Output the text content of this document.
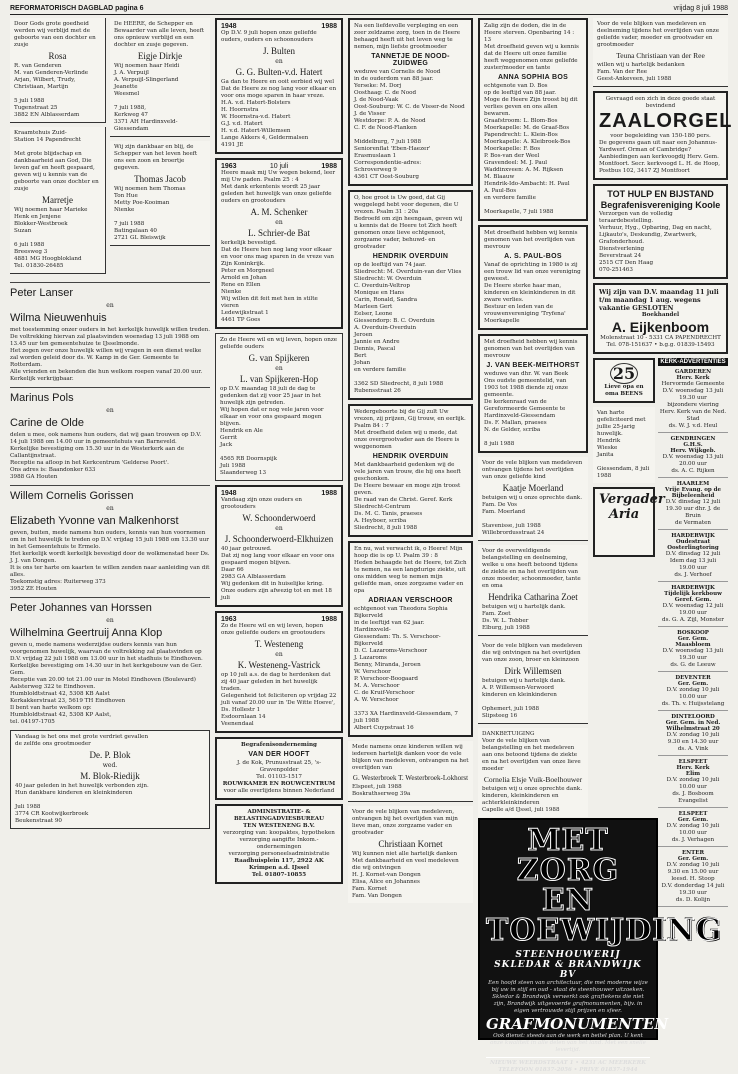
REFORMATORISCH DAGBLAD pagina 6	vrijdag 8 juli 1988
Door Gods grote goedheid werden wij verblijd met de geboorte van een dochter en zusje
Rosa
R. van Genderen
M. van Genderen-Verlinde
Arjan, Wilbert, Trudy, Christiaan, Martijn

5 juli 1988
Tugenstraat 25
3882 EN Alblasserdam
Kraamtehuis Zuid-
Station 14 Papendrecht

Met grote blijdschap en dankbaarheid aan God, Die leven gaf en heeft gespaard, geven wij u kennis van de geboorte van onze dochter en zusje
Marretje
Wij noemen haar Marieke
Henk en Jenjene
Blokker-Westbroek
Suzan

6 juli 1988
Breesweg 3
4881 MG Hoogblokland
Tel. 01830-26485
De HEERE, de Schepper en Bewaarder van alle leven, heeft ons opnieuw verblijd en een dochter en zusje gegeven.
Eigje Dirkje
Wij noemen haar Heidi
J. A. Verpuijl
A. Verpuijl-Slingerland
Jeanette
Weesmel

7 juli 1988,
Kerkweg 47
3371 AH Hardinxveld-Giessendam
Wij zijn dankbaar en blij, de Schepper van het leven heeft ons een zoon en broertje gegeven.
Thomas Jacob
Wij noemen hem Thomas
Ton Hue
Metty Poe-Kooiman
Nienke

7 juli 1988
Batingalaan 40
2721 GL Bleiswijk
Peter Lanser
en
Wilma Nieuwenhuis
met toestemming onzer ouders in het kerkelijk huwelijk willen treden.
De voltrekking hiervan zal plaatsvinden woensdag 13 juli 1988 om 13.45 uur ten gemeentehuize te IJsselmonde.
Het zegen over onze huwelijk willen wij vragen in een dienst welke zal worden geleid door ds. W. Kamp in de Ger. Gemeente te Rotterdam.
Alle vrienden en bekenden die hun welkom roepen vanaf 20.00 uur.
Kerkelijk verkrijgbaar.
Marinus Pols
en
Carine de Olde
delen u mee, ook namens hun ouders, dat wij gaan trouwen op D.V. 14 juli 1988 om 14.00 uur in gemeentehuis van Barneveld.
Kerkelijke bevestiging om 15.30 uur in de Westerkerk aan de Callantijnstraat.
Receptie na afloop in het Kerkcentrum 'Gelderse Poort'.
Ons adres is: Baandonker 633
3988 GA Houten
Willem Cornelis Gorissen
en
Elizabeth Yvonne van Malkenhorst
geven, buiten, mede namens hun ouders, kennis van hun voornemen om in het huwelijk te treden op D.V. vrijdag 15 juli 1988 om 13.30 uur in het Gemeentehuis te Ermelo.
Het kerkelijk wordt kerkelijk bevestigd door de wolkmenstad heer Ds. J. J. van Dongen.
It is ons ter harte om kaarten te willen zenden naar aanleiding van dit alles.
Toekomstig adres: Ruiterweg 373
3952 ZE Houten
Peter Johannes van Horssen
en
Wilhelmina Geertruij Anna Klop
geven u, mede namens wederzijdse ouders kennis van hun voorgenomen huwelijk, waarvan de voltrekking zal plaatsvinden op D.V. vrijdag 22 juli 1988 om 13.00 uur in het stadhuis te Eindhoven.
Kerkelijke bevestiging om 14.30 uur in het kerkgebouw van de Ger. Gem.
Receptie van 20.00 tot 21.00 uur in Motel Eindhoven (Boulevard) Aalsterweg 322 te Eindhoven.
Humbloldtstraat 42, 5308 KB Aalst
Kerkakkerstraat 23, 5619 TH Eindhoven
Il bent van harte welkom op:
Humbloldtstraat 42, 5308 KP Aalst,
tel. 04197-1705
Vandaag is het ons met grote verdriet gevallen
de zelfde ons grootmoeder
De. P. Blok
wed.
M. Blok-Riedijk
40 jaar geleden in het huwelijk verbonden zijn.
Hun dankbare kinderen en kleinkinderen

Juli 1988
3774 CR Kootwijkerbroek
Beukenstraat 90
1948	1988
Op D.V. 9 juli hopen onze geliefde ouders, ouders en schoonouders
J. Bulten
en
G. G. Bulten-v.d. Hatert
Ga dan te Heere en ooit eerbied wij wel
Dat de Heere ze nog lang voor elkaar en voor ons moge sparen in haar vreze.
H.A. v.d. Hatert-Bolsters
H. Hoornstra
W. Hoornstra-v.d. Hatert
G.J. v.d. Hatert
H. v.d. Hatert-Willemsen
Lange Akkers 4, Geldermalsen
4191 JE
1963	10 juli	1988
Heere maak mij Uw wegen bekend, leer mij Uw paden. Psalm 25 : 4
Met dank erkentenis wordt 25 jaar geleden het huwelijk van onze geliefde ouders en grootouders
A. M. Schenker
en
L. Schrier-de Bat
kerkelijk bevestigd.
Dat de Heere hen nog lang voor elkaar en voor ons mag sparen in de vreze van Zijn Koninkrijk.
Peter en Morgneel
Arnold en Johan
Rene en Ellen
Nienke
Wij willen dit feit met hen in stilte vieren
Ledewijkstraat 1
4461 TP Goes
Zo de Heere wil en wij leven, hopen onze geliefde ouders
G. van Spijkeren
en
L. van Spijkeren-Hop
op D.V. maandag 18 juli de dag te gedenken dat zij voor 25 jaar in het huwelijk zijn getreden.
Wij hopen dat er nog vele jaren voor elkaar en voor ons gespaard mogen blijven.
Hendrik en Ale
Gerrit
Jack

4565 RB Doornspijk
Juli 1988
Slaanderweg 13
1948	1988
Vandaag zijn onze ouders en grootouders
W. Schoonderwoerd
en
J. Schoonderwoerd-Elkhuizen
40 jaar getrouwd.
Dat zij nog lang voor elkaar en voor ons gespaard mogen blijven.
Daar 66
2983 GA Alblasserdam
Wij gedenken dit in huiselijke kring.
Onze ouders zijn afwezig tot en met 18 juli
1963	1988
Zo de Heere wil en wij leven, hopen onze geliefde ouders en grootouders
T. Westeneng
en
K. Westeneng-Vastrick
op 10 juli a.s. de dag te herdenken dat zij 40 jaar geleden in het huwelijk traden.
Gelegenheid tot feliciteren op vrijdag 22 juli vanaf 20.00 uur in 'De Witte Hoeve', Ds. Hollestr 1
Esdoornlaan 14
Veenendaal
Begrafenisonderneming
VAN DER HOOFT
J. de Kok, Prunusstraat 25, 's-Gravenpolder
Tel. 01103-1517
ROUWKAMER EN ROUWCENTRUM
voor alle overlijdens binnen Nederland
ADMINISTRATIE- & BELASTINGADVIESBUREAU
TEN WESTENENG B.V.
verzorging van: koopaktes, hypotheken
verzorging aangifte Inkom.- ondernemingen
verzorging personeelsadministratie
Raadhuisplein 117, 2922 AK Krimpen a.d. IJssel
Tel. 01807-10855
Na een liefdevolle verpleging en een zeer zeldzame zorg, toen in de Heere behaagd heeft uit het leven weg te nemen, mijn liefste grootmoeder
TANNETJE DE NOOD-ZUIDWEG
weduwe van Cornelis de Nood
in de ouderdom van 88 jaar.
Yerseke: M. Dorj
Oosthaag: C. de Nood
J. de Nood-Vaak
Oost-Souburg: W. C. de Visser-de Nood
J. de Visser
Westdorpe: P. A. de Nood
C. F. de Nood-Flanken

Middelburg, 7 juli 1988
Seniorenflat 'Eben-Haezer'
Erasmuslaan 1
Correspondentie-adres:
Schroverweg 9
4361 CT Oost-Souburg
O, hoe groot is Uw goed, dat Gij weggelegd hebt voor degenen, die U vrezen. Psalm 31 : 20a
Bedroefd om zijn heengaan, geven wij u kennis dat de Heere tot Zich heeft genomen onze lieve echtgenoot, zorgzame vader, behuwd- en grootvader
HENDRIK OVERDUIN
op de leeftijd van 74 jaar.
Sliedrecht: M. Overduin-van der Vlies
Sliedrecht: W. Overduin
C. Overduin-Veltrop
Monique en Hans
Carin, Ronald, Sandra
Marleen Gert
Eelser, Leone
Giessendorp: B. C. Overduin
A. Overduin-Overduin
Jeroen
Jannie en Andre
Dennis, Pascal
Bert
Johan
en verdere familie

3362 SD Sliedrecht, 8 juli 1988
Rubensstraat 26
Wedergeboorte bij de Gij zult Uw vrezen, zij prijzen, Gij trouw, en eerlijk. Psalm 84 : 7
Met droefheid delen wij u mede, dat onze overgrootvader aan de Heere is weggenomen
HENDRIK OVERDUIN
Met dankbaarheid gedenken wij de vele jaren van trouw, die hij ons heeft geschonken.
De Heere bewaar en moge zijn troost geven.
De raad van de Christ. Geref. Kerk Sliedrecht-Centrum
Ds. M. C. Tanis, praeses
A. Heyboer, scriba
Sliedrecht, 8 juli 1988
En nu, wat verwacht ik, o Heere! Mijn hoop die is op U. Psalm 39 : 8
Heden behaagde het de Heere, tot Zich te nemen, na een langdurige ziekte, uit ons midden weg te nemen mijn geliefde man, onze zorgzame vader en opa
ADRIAAN VERSCHOOR
echtgenoot van Theodora Sophia Bijkerveld
in de leeftijd van 62 jaar.
Hardinxveld-
Giessendam: Th. S. Verschoor-Bijkerveld
D. C. Lazaroms-Verschoor
J. Lazaroms
Benny, Miranda, Jeroen
W. Verschoor
P. Verschoor-Boogaard
M. A. Verschoor
C. de Kruif-Verschoor
A. W. Verschoor

3373 XA Hardinxveld-Giessendam, 7 juli 1988
Albert Cuypstraat 16
Mede namens onze kinderen willen wij iedereen hartelijk danken voor de vele blijken van medeleven, ontvangen na het overlijden van
G. Westerbroek T. Westerbroek-Lokhorst
Elspeet, juli 1988
Boskrathserweg 39a
Voor de vele blijken van medeleven, ontvangen bij het overlijden van mijn lieve man, onze zorgzame vader en grootvader
Christiaan Kornet
Wij kunnen niet alle hartelijk danken
Met dankbaarheid en veel medeleven die wij ontvingen
H. J. Kornet-van Dongen
Elisa, Alice en Johannes
Fam. Kornet
Fam. Van Dongen
Zalig zijn de doden, die in de Heere sterven. Openbaring 14 : 13
Met droefheid geven wij u kennis dat de Heere uit onze familie heeft weggenomen onze geliefde zuster/moeder en tante
ANNA SOPHIA BOS
echtgenote van D. Bos
op de leeftijd van 88 jaar.
Moge de Heere Zijn troost bij dit verlies geven en ons allen bewaren.
Graafstroom: L. Blom-Bos
Moerkapelle: M. de Graaf-Bos
Papendrecht: L. Klein-Bos
Moerkapelle: A. Kleibroek-Bos
Moerkapelle: F. Bos
P. Bos-van der Weel
Gravendeel: M. J. Paul
Waddinxveen: A. M. Rijksen
M. Blaauw
Hendrik-Ido-Ambacht: H. Paul
A. Paul-Bos
en verdere familie

Moerkapelle, 7 juli 1988
Met droefheid hebben wij kennis genomen van het overlijden van mevrouw
A. S. PAUL-BOS
Vanaf de oprichting in 1980 is zij een trouw lid van onze vereniging geweest.
De Heere sterke haar man, kinderen en kleinkinderen in dit zware verlies.
Bestuur en leden van de vrouwenvereniging 'Tryfena' Moerkapelle
Met droefheid hebben wij kennis genomen van het overlijden van mevrouw
J. VAN BEEK-MEITHORST
weduwe van dhr. W. van Beek
Ons oudste gemeentelid, van 1903 tot 1988 diende zij onze gemeente.
De kerkenraad van de
Gereformeerde Gemeente te
Hardinxveld-Giessendam
Ds. F. Mallan, praeses
N. de Gelder, scriba

8 juli 1988
Voor de vele blijken van medeleven ontvangen tijdens het overlijden van onze geliefde kind
Kaatje Moerland
betuigen wij u onze oprechte dank.
Fam. De Vos
Fam. Moerland

Stavenisse, juli 1988
Willebrordusstraat 24
Voor de overweldigende belangstelling en deelneming, welke u ons heeft betoond tijdens de ziekte en na het overlijden van onze moeder, schoonmoeder, tante en oma
Hendrika Catharina Zoet
betuigen wij u hartelijk dank.
Fam. Zoet
Ds. W. L. Tobber
Elburg, juli 1988
Voor de vele blijken van medeleven die wij ontvingen na het overlijden van onze zoon, broer en kleinzoon
Dirk Willemsen
betuigen wij u hartelijk dank.
A. P. Willemsen-Verwoord
kinderen en kleinkinderen

Ophemert, juli 1988
Slipsteeg 16
DANKBETUIGING
Voor de vele blijken van belangstelling en het medeleven aan ons betoond tijdens de ziekte en na het overlijden van onze lieve moeder
Cornelia Elsje Vuik-Boelhouwer
betuigen wij u onze oprechte dank.
kinderen, kleinkinderen en achterkleinkinderen
Capelle a/d IJssel, juli 1988
MET
ZORG EN
TOEWIJDING
STEENHOUWERIJ
SKLEDAR & BRANDWIJK BV
Een hoofd steen van architectuur, die met moderne wijze bij uw in stijl en oud - staat de steenhouwer uitzoeken.
Skledar & Brandwijk verwerkt ook graftekens die niet zijn, Brandwijk uitgevoerde grafmonumenten, bijv. in eigen vertrouwde stijl prijzen en sfeer.
GRAFMONUMENTEN
Ook dienst: steeds aan de werk en beitel plan. U kent onze kwaliteit in alle delen van het land. Met een snelle levertijd.
NIEUWE WEERDSTRAAT 1 • 4231 AC MEERKERK
TELEFOON 01837-2056 • PRIVE 01837-1944
Voor de vele blijken van medeleven en deelneming tijdens het overlijden van onze geliefde vader, moeder en grootvader en grootmoeder
Teuna Christiaan van der Ree
willen wij u hartelijk bedanken
Fam. Van der Ree
Geest-Ankeveen, juli 1988
Gevraagd een zich in deze goede staat bevindend
ZAALORGEL
voor begeleiding van 150-180 pers.
De gegevens gaan uit naar een Johannus-Yardwerf. Orman of Cambridge?
Aanbiedingen aan kerkvoogdij Herv. Gem. Montfoort. Secr. kerkvoogd L. H. de Hoop, Postbus 102, 3417 ZJ Montfoort
TOT HULP EN BIJSTAND
Begrafenisvereniging Koole
Verzorgen van de volledig teraardebestelling.
Verhuur, Hyg., Opbaring, Dag en nacht, Lijkauto's, Deskundig, Zwartwerk, Grafonderhoud.
Dienstverlening
Beverstraat 24
2515 CT Den Haag
070-251463
Wij zijn van D.V. maandag 11 juli t/m maandag 1 aug. wegens vakantie GESLOTEN
Boekhandel
A. Eijkenboom
Molenstraat 10 - 5331 CA PAPENDRECHT
Tel. 078-151637 • b.g.g. 01839-15493
25
Lieve opa en oma BEENS
Van harte gefeliciteerd met jullie 25-jarig huwelijk.
Hendrik
Wieske
Janita

Giessendam, 8 juli 1988
Vergader Aria
KERK-ADVERTENTIES
GARDEREN
Herv. Kerk
Hervormde Gemeente
D.V. woensdag 13 juli
19.30 uur
bijzondere viering
Herv. Kerk van de Ned. Stad
ds. W. J. v.d. Heul
GENDRINGEN
G.H.S.
Herv. Wijkgeb.
D.V. woensdag 13 juli
20.00 uur
ds. A. C. Rijken
HAARLEM
Vrije Evang. op de Bijbeleenheid
D.V. dinsdag 12 juli
19.30 uur dhr. J. de Bruin
de Vermaten
HARDERWIJK
Oudestraat
Oosterlingtoring
D.V. dinsdag 12 juli
Idem dag 13 juli
19.00 uur
ds. J. Verhoef
HARDERWIJK
Tijdelijk kerkbouw
Geref. Gem.
D.V. woensdag 12 juli
19.00 uur
ds. G. A. Zijl, Monster
BOSKOOP
Ger. Gem.
Maasbloem
D.V. woensdag 13 juli
19.30 uur
ds. G. de Leeuw
DEVENTER
Ger. Gem.
D.V. zondag 10 juli
10.00 uur
ds. Th. v. Huijsstelang
DINTELOORD
Ger. Gem. in Ned.
Wilhelmstraat 20
D.V. zondag 10 juli
9.30 en 14.30 uur
ds. A. Vink
ELSPEET
Herv. Kerk
Elim
D.V. zondag 10 juli
10.00 uur
ds. J. Bosboom
Evangelist
ELSPEET
Ger. Gem.
D.V. zondag 10 juli
10.00 uur
ds. J. Verhagen
ENTER
Ger. Gem.
D.V. zondag 10 juli
9.30 en 15.00 uur
leesd. H. Stoop
D.V. donderdag 14 juli
19.30 uur
ds. D. Kolijn
